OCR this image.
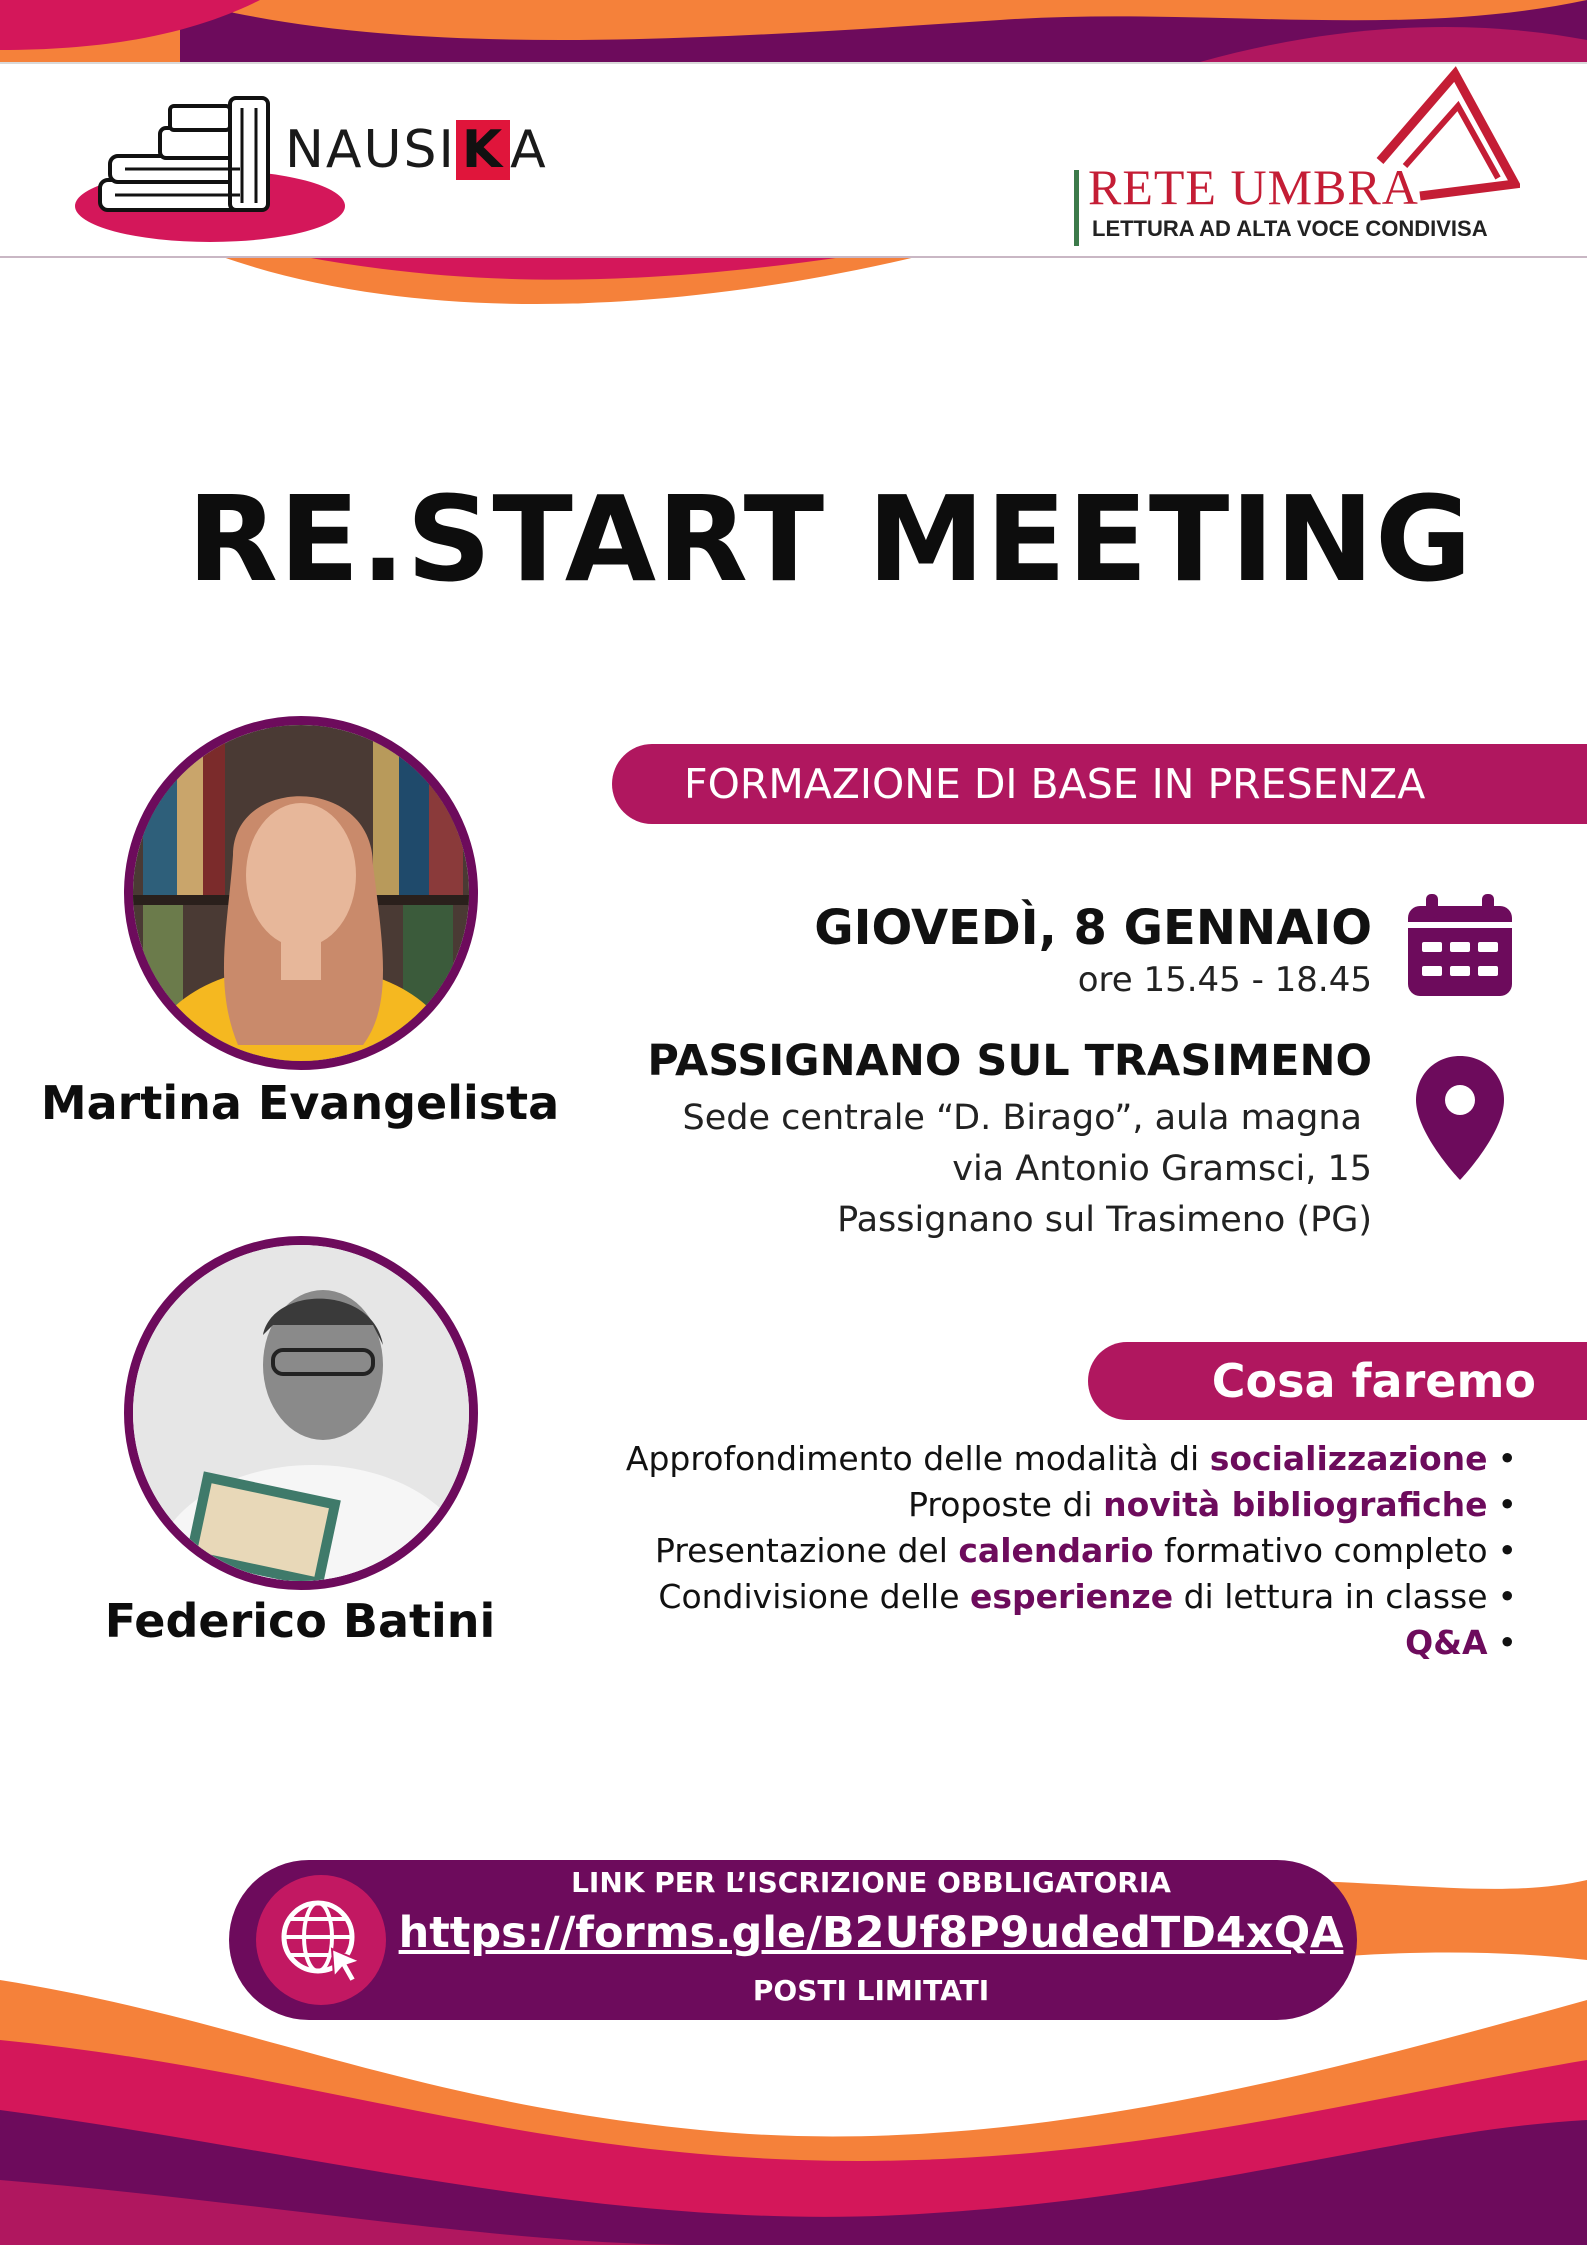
NAUSI K A
RETE UMBRA
LETTURA AD ALTA VOCE CONDIVISA
RE.START MEETING
Martina Evangelista
Federico Batini
FORMAZIONE DI BASE IN PRESENZA
GIOVEDÌ, 8 GENNAIO
ore 15.45 - 18.45
PASSIGNANO SUL TRASIMENO
Sede centrale “D. Birago”, aula magna
via Antonio Gramsci, 15
Passignano sul Trasimeno (PG)
Cosa faremo
Approfondimento delle modalità di socializzazione •
Proposte di novità bibliografiche •
Presentazione del calendario formativo completo •
Condivisione delle esperienze di lettura in classe •
Q&A •
LINK PER L’ISCRIZIONE OBBLIGATORIA
https://forms.gle/B2Uf8P9udedTD4xQA
POSTI LIMITATI
